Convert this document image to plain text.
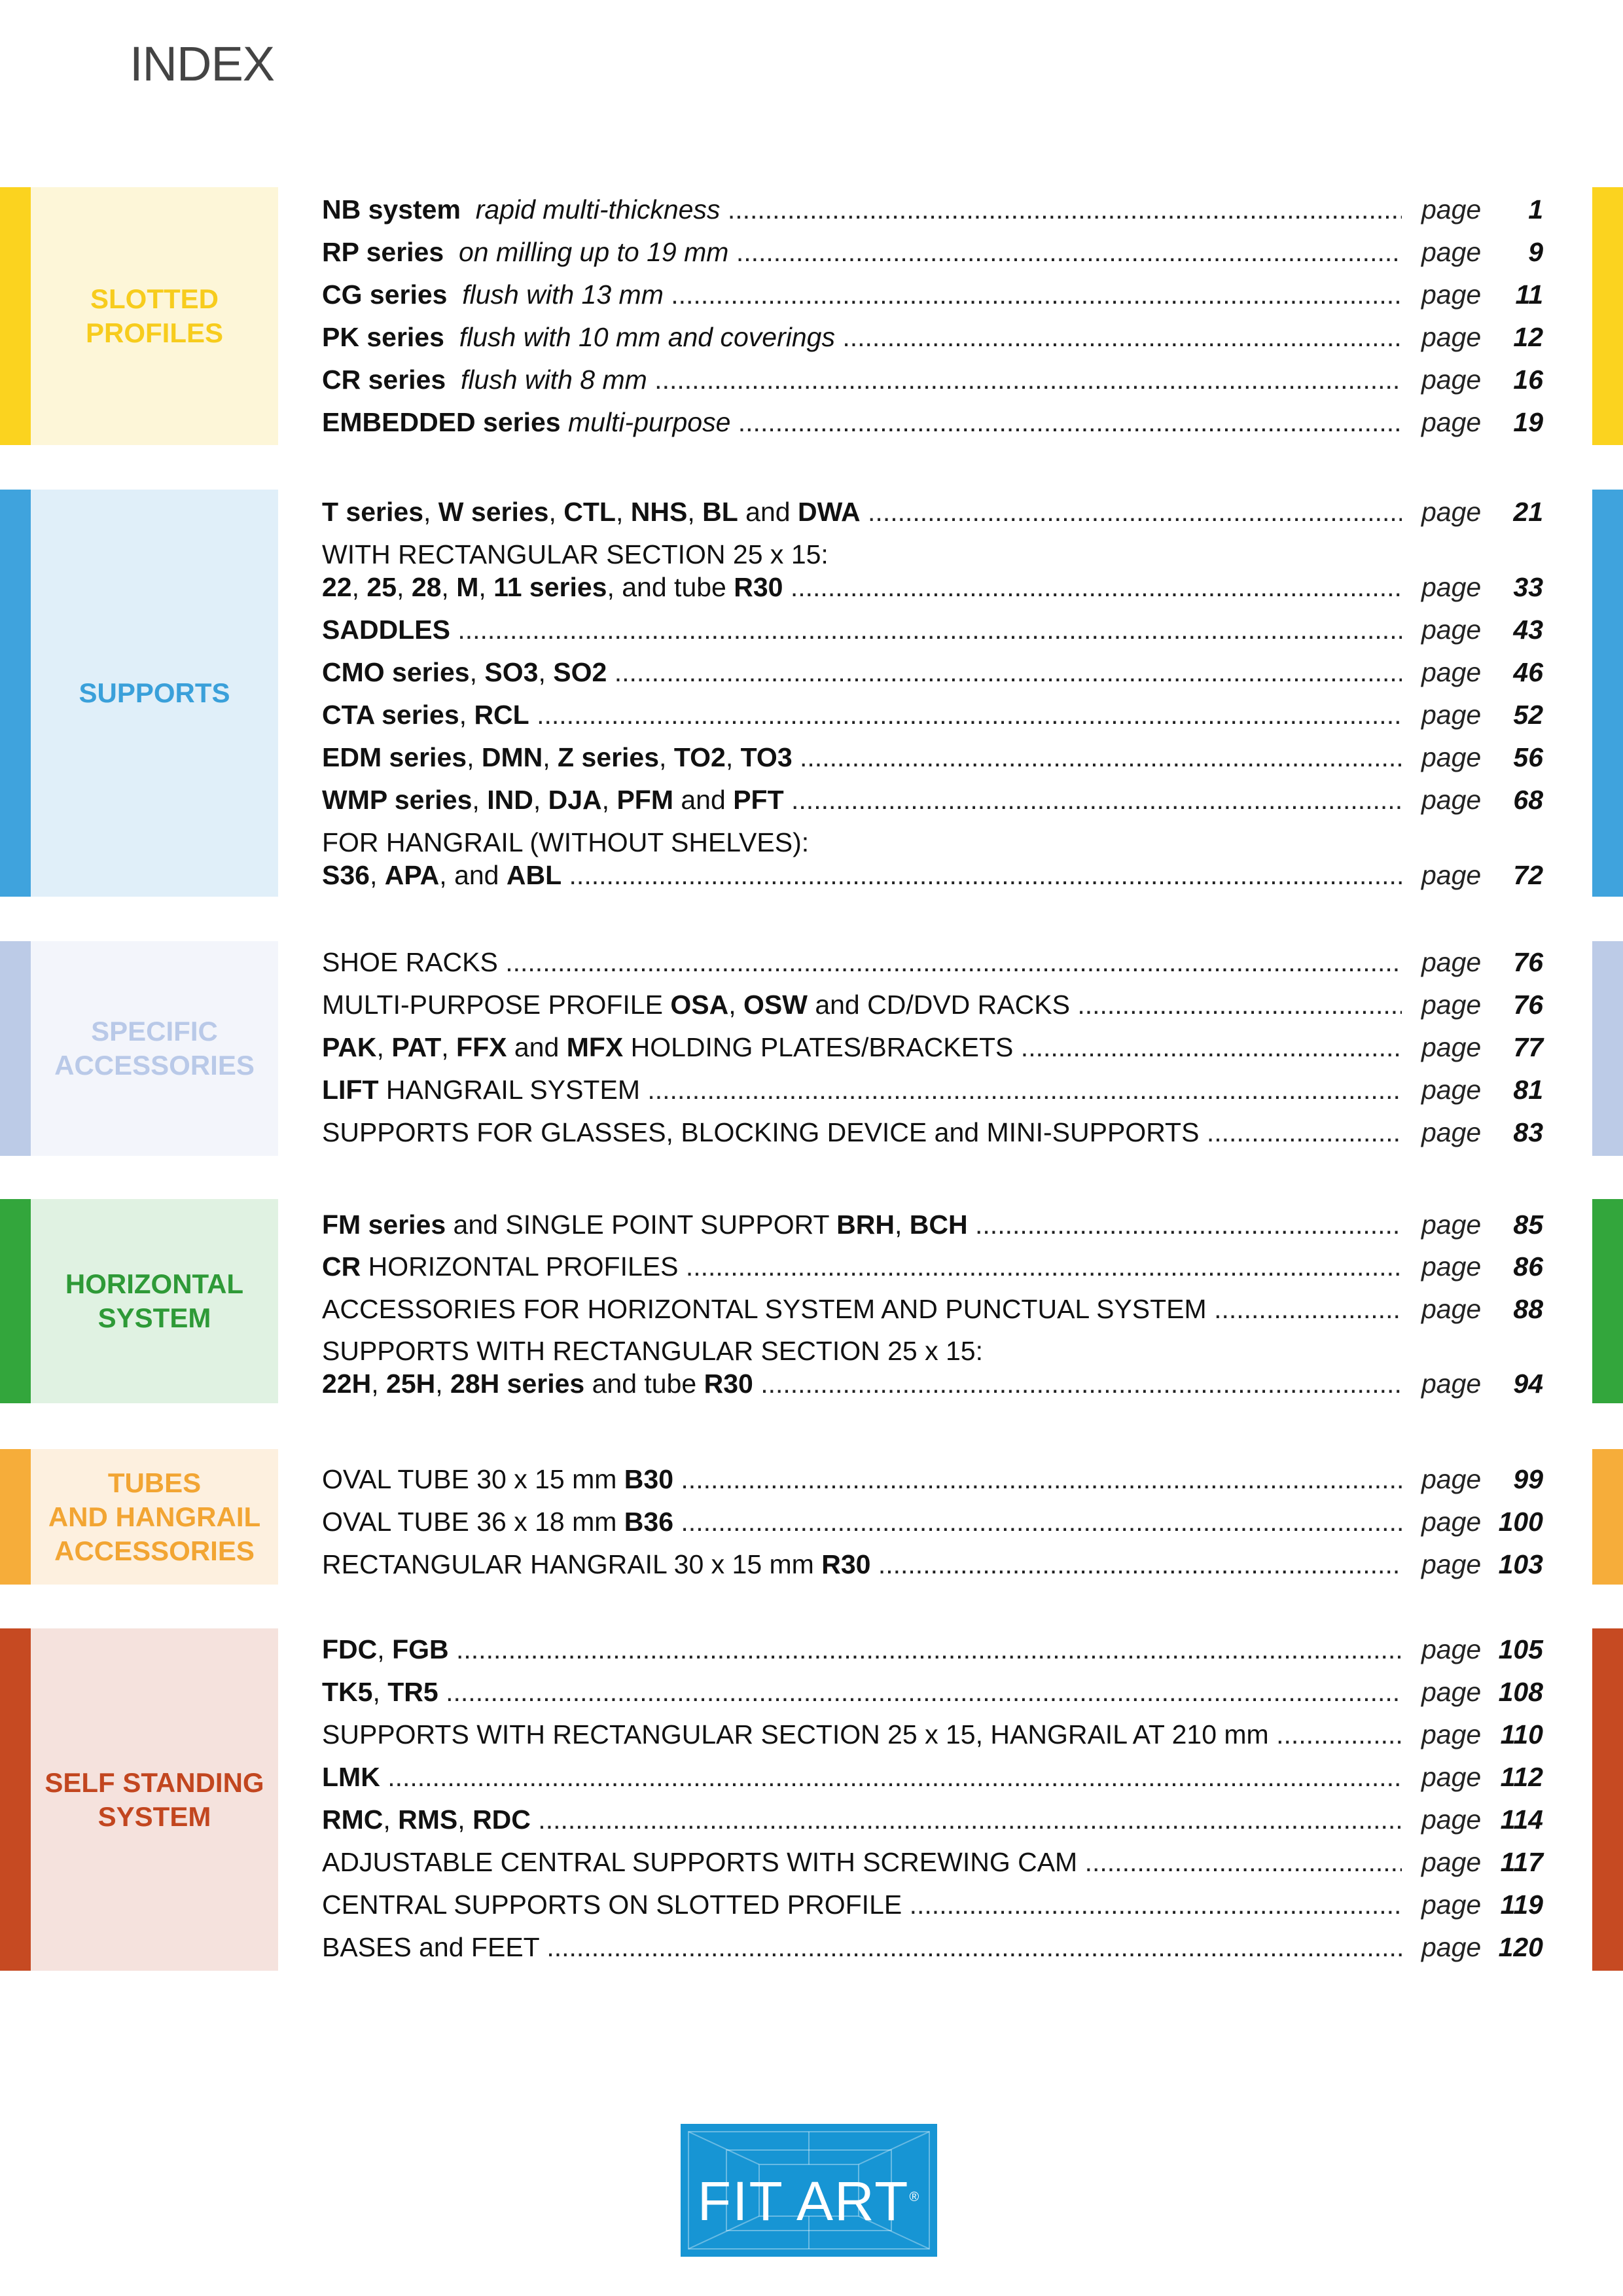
INDEX
SLOTTED
PROFILES
SUPPORTS
SPECIFIC
ACCESSORIES
HORIZONTAL
SYSTEM
TUBES
AND HANGRAIL
ACCESSORIES
SELF STANDING
SYSTEM
FIT ART®
NB system rapid multi-thickness .....	page 1
RP series on milling up to 19 mm .....	page 9
CG series flush with 13 mm .....	page 11
PK series flush with 10 mm and coverings .....	page 12
CR series flush with 8 mm .....	page 16
EMBEDDED series multi-purpose .....	page 19
T series, W series, CTL, NHS, BL and DWA .....	page 21
WITH RECTANGULAR SECTION 25 x 15:
22, 25, 28, M, 11 series, and tube R30 .....	page 33
SADDLES .....	page 43
CMO series, SO3, SO2 .....	page 46
CTA series, RCL .....	page 52
EDM series, DMN, Z series, TO2, TO3 .....	page 56
WMP series, IND, DJA, PFM and PFT .....	page 68
FOR HANGRAIL (WITHOUT SHELVES):
S36, APA, and ABL .....	page 72
SHOE RACKS .....	page 76
MULTI-PURPOSE PROFILE OSA, OSW and CD/DVD RACKS .....	page 76
PAK, PAT, FFX and MFX HOLDING PLATES/BRACKETS .....	page 77
LIFT HANGRAIL SYSTEM .....	page 81
SUPPORTS FOR GLASSES, BLOCKING DEVICE and MINI-SUPPORTS .....	page 83
FM series and SINGLE POINT SUPPORT BRH, BCH .....	page 85
CR HORIZONTAL PROFILES .....	page 86
ACCESSORIES FOR HORIZONTAL SYSTEM AND PUNCTUAL SYSTEM .....	page 88
SUPPORTS WITH RECTANGULAR SECTION 25 x 15:
22H, 25H, 28H series and tube R30 .....	page 94
OVAL TUBE 30 x 15 mm B30 .....	page 99
OVAL TUBE 36 x 18 mm B36 .....	page 100
RECTANGULAR HANGRAIL 30 x 15 mm R30 .....	page 103
FDC, FGB .....	page 105
TK5, TR5 .....	page 108
SUPPORTS WITH RECTANGULAR SECTION 25 x 15, HANGRAIL AT 210 mm .....	page 110
LMK .....	page 112
RMC, RMS, RDC .....	page 114
ADJUSTABLE CENTRAL SUPPORTS WITH SCREWING CAM .....	page 117
CENTRAL SUPPORTS ON SLOTTED PROFILE .....	page 119
BASES and FEET .....	page 120
